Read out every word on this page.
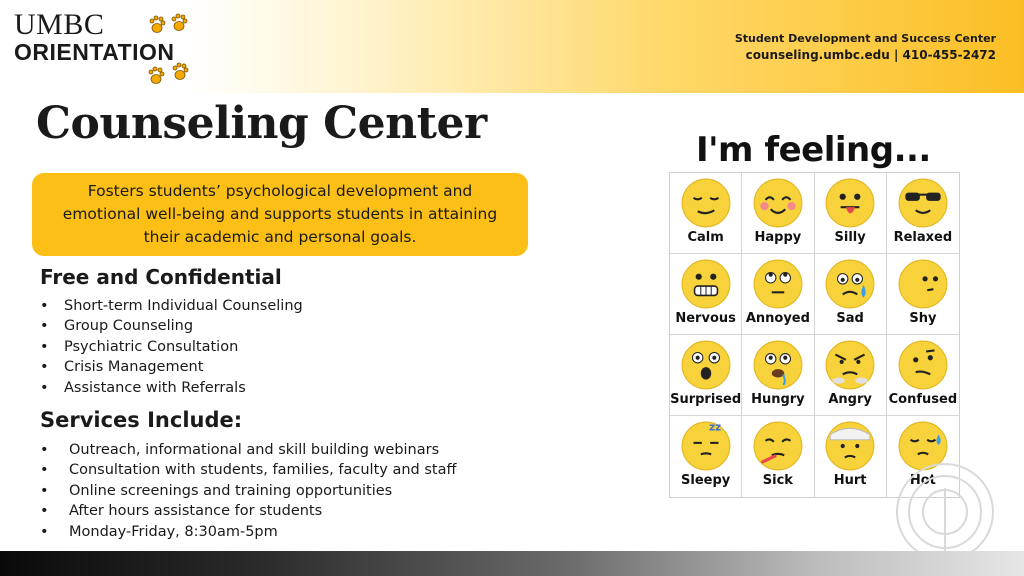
UMBC
ORIENTATION
Student Development and Success Center
counseling.umbc.edu | 410-455-2472
Counseling Center
Fosters students’ psychological development and emotional well-being and supports students in attaining their academic and personal goals.
Free and Confidential
• Short-term Individual Counseling
• Group Counseling
• Psychiatric Consultation
• Crisis Management
• Assistance with Referrals
Services Include:
• Outreach, informational and skill building webinars
• Consultation with students, families, faculty and staff
• Online screenings and training opportunities
• After hours assistance for students
• Monday-Friday, 8:30am-5pm
I'm feeling...
Calm Happy	Silly Relaxed
Nervous Annoyed Sad	Shy
Surprised Hungry Angry Confused
zz
Sleepy	Sick	Hurt	Hot
